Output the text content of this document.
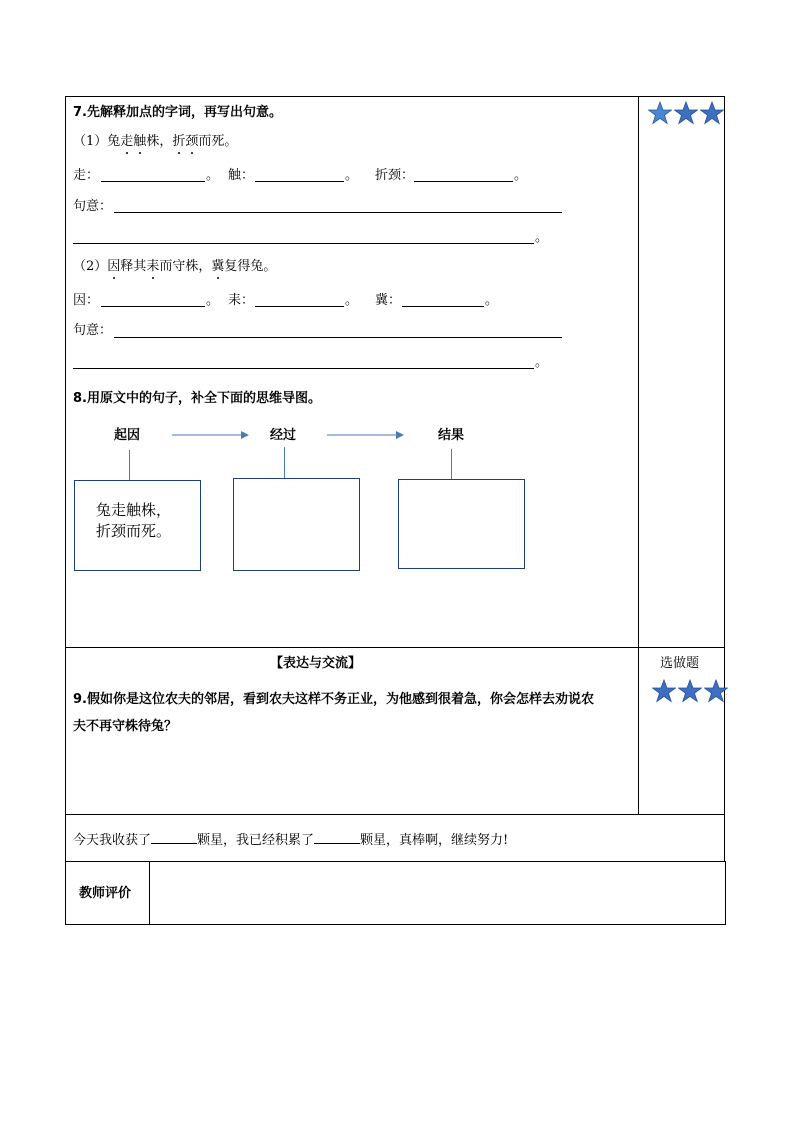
7.先解释加点的字词，再写出句意。
（1）兔走触株，折颈而死。
走：	。 触：	。 折颈：	。
句意：
。
（2）因释其耒而守株，冀复得兔。
因：	。 耒：	。 冀：	。
句意：
。
8.用原文中的句子，补全下面的思维导图。
起因	经过	结果
兔走触株，
折颈而死。
【表达与交流】
9.假如你是这位农夫的邻居，看到农夫这样不务正业，为他感到很着急，你会怎样去劝说农
夫不再守株待兔？
选做题
今天我收获了	颗星，我已经积累了	颗星，真棒啊，继续努力!
教师评价
